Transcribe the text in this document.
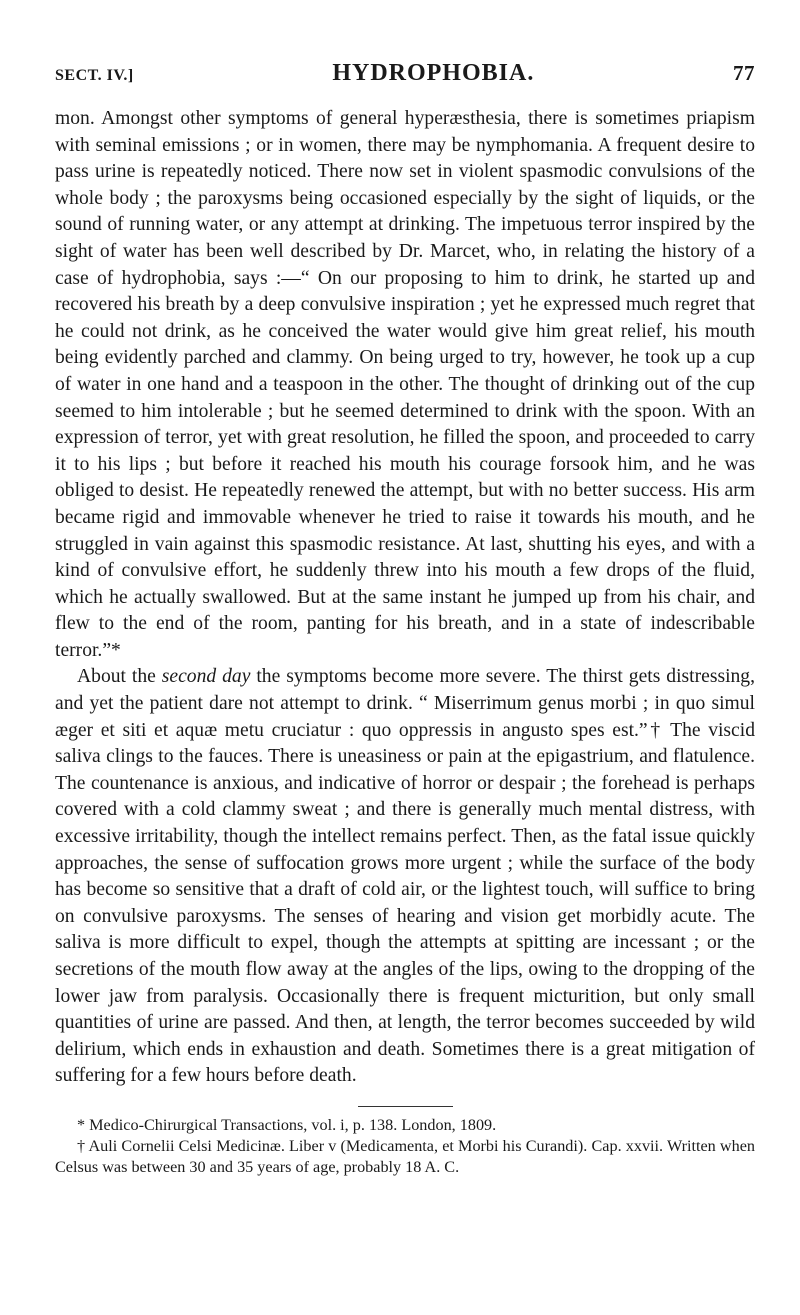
SECT. IV.]	HYDROPHOBIA.	77

mon. Amongst other symptoms of general hyperæsthesia, there is sometimes priapism with seminal emissions ; or in women, there may be nymphomania. A frequent desire to pass urine is repeatedly noticed. There now set in violent spasmodic convulsions of the whole body ; the paroxysms being occasioned especially by the sight of liquids, or the sound of running water, or any attempt at drinking. The impetuous terror inspired by the sight of water has been well described by Dr. Marcet, who, in relating the history of a case of hydrophobia, says :—“ On our proposing to him to drink, he started up and recovered his breath by a deep convulsive inspiration ; yet he expressed much regret that he could not drink, as he conceived the water would give him great relief, his mouth being evidently parched and clammy. On being urged to try, however, he took up a cup of water in one hand and a teaspoon in the other. The thought of drinking out of the cup seemed to him intolerable ; but he seemed determined to drink with the spoon. With an expression of terror, yet with great resolution, he filled the spoon, and proceeded to carry it to his lips ; but before it reached his mouth his courage forsook him, and he was obliged to desist. He repeatedly renewed the attempt, but with no better success. His arm became rigid and immovable whenever he tried to raise it towards his mouth, and he struggled in vain against this spasmodic resistance. At last, shutting his eyes, and with a kind of convulsive effort, he suddenly threw into his mouth a few drops of the fluid, which he actually swallowed. But at the same instant he jumped up from his chair, and flew to the end of the room, panting for his breath, and in a state of indescribable terror.”*

About the second day the symptoms become more severe. The thirst gets distressing, and yet the patient dare not attempt to drink. “ Miserrimum genus morbi ; in quo simul æger et siti et aquæ metu cruciatur : quo oppressis in angusto spes est.”† The viscid saliva clings to the fauces. There is uneasiness or pain at the epigastrium, and flatulence. The countenance is anxious, and indicative of horror or despair ; the forehead is perhaps covered with a cold clammy sweat ; and there is generally much mental distress, with excessive irritability, though the intellect remains perfect. Then, as the fatal issue quickly approaches, the sense of suffocation grows more urgent ; while the surface of the body has become so sensitive that a draft of cold air, or the lightest touch, will suffice to bring on convulsive paroxysms. The senses of hearing and vision get morbidly acute. The saliva is more difficult to expel, though the attempts at spitting are incessant ; or the secretions of the mouth flow away at the angles of the lips, owing to the dropping of the lower jaw from paralysis. Occasionally there is frequent micturition, but only small quantities of urine are passed. And then, at length, the terror becomes succeeded by wild delirium, which ends in exhaustion and death. Sometimes there is a great mitigation of suffering for a few hours before death.

* Medico-Chirurgical Transactions, vol. i, p. 138. London, 1809.

† Auli Cornelii Celsi Medicinæ. Liber v (Medicamenta, et Morbi his Curandi). Cap. xxvii. Written when Celsus was between 30 and 35 years of age, probably 18 A. C.
